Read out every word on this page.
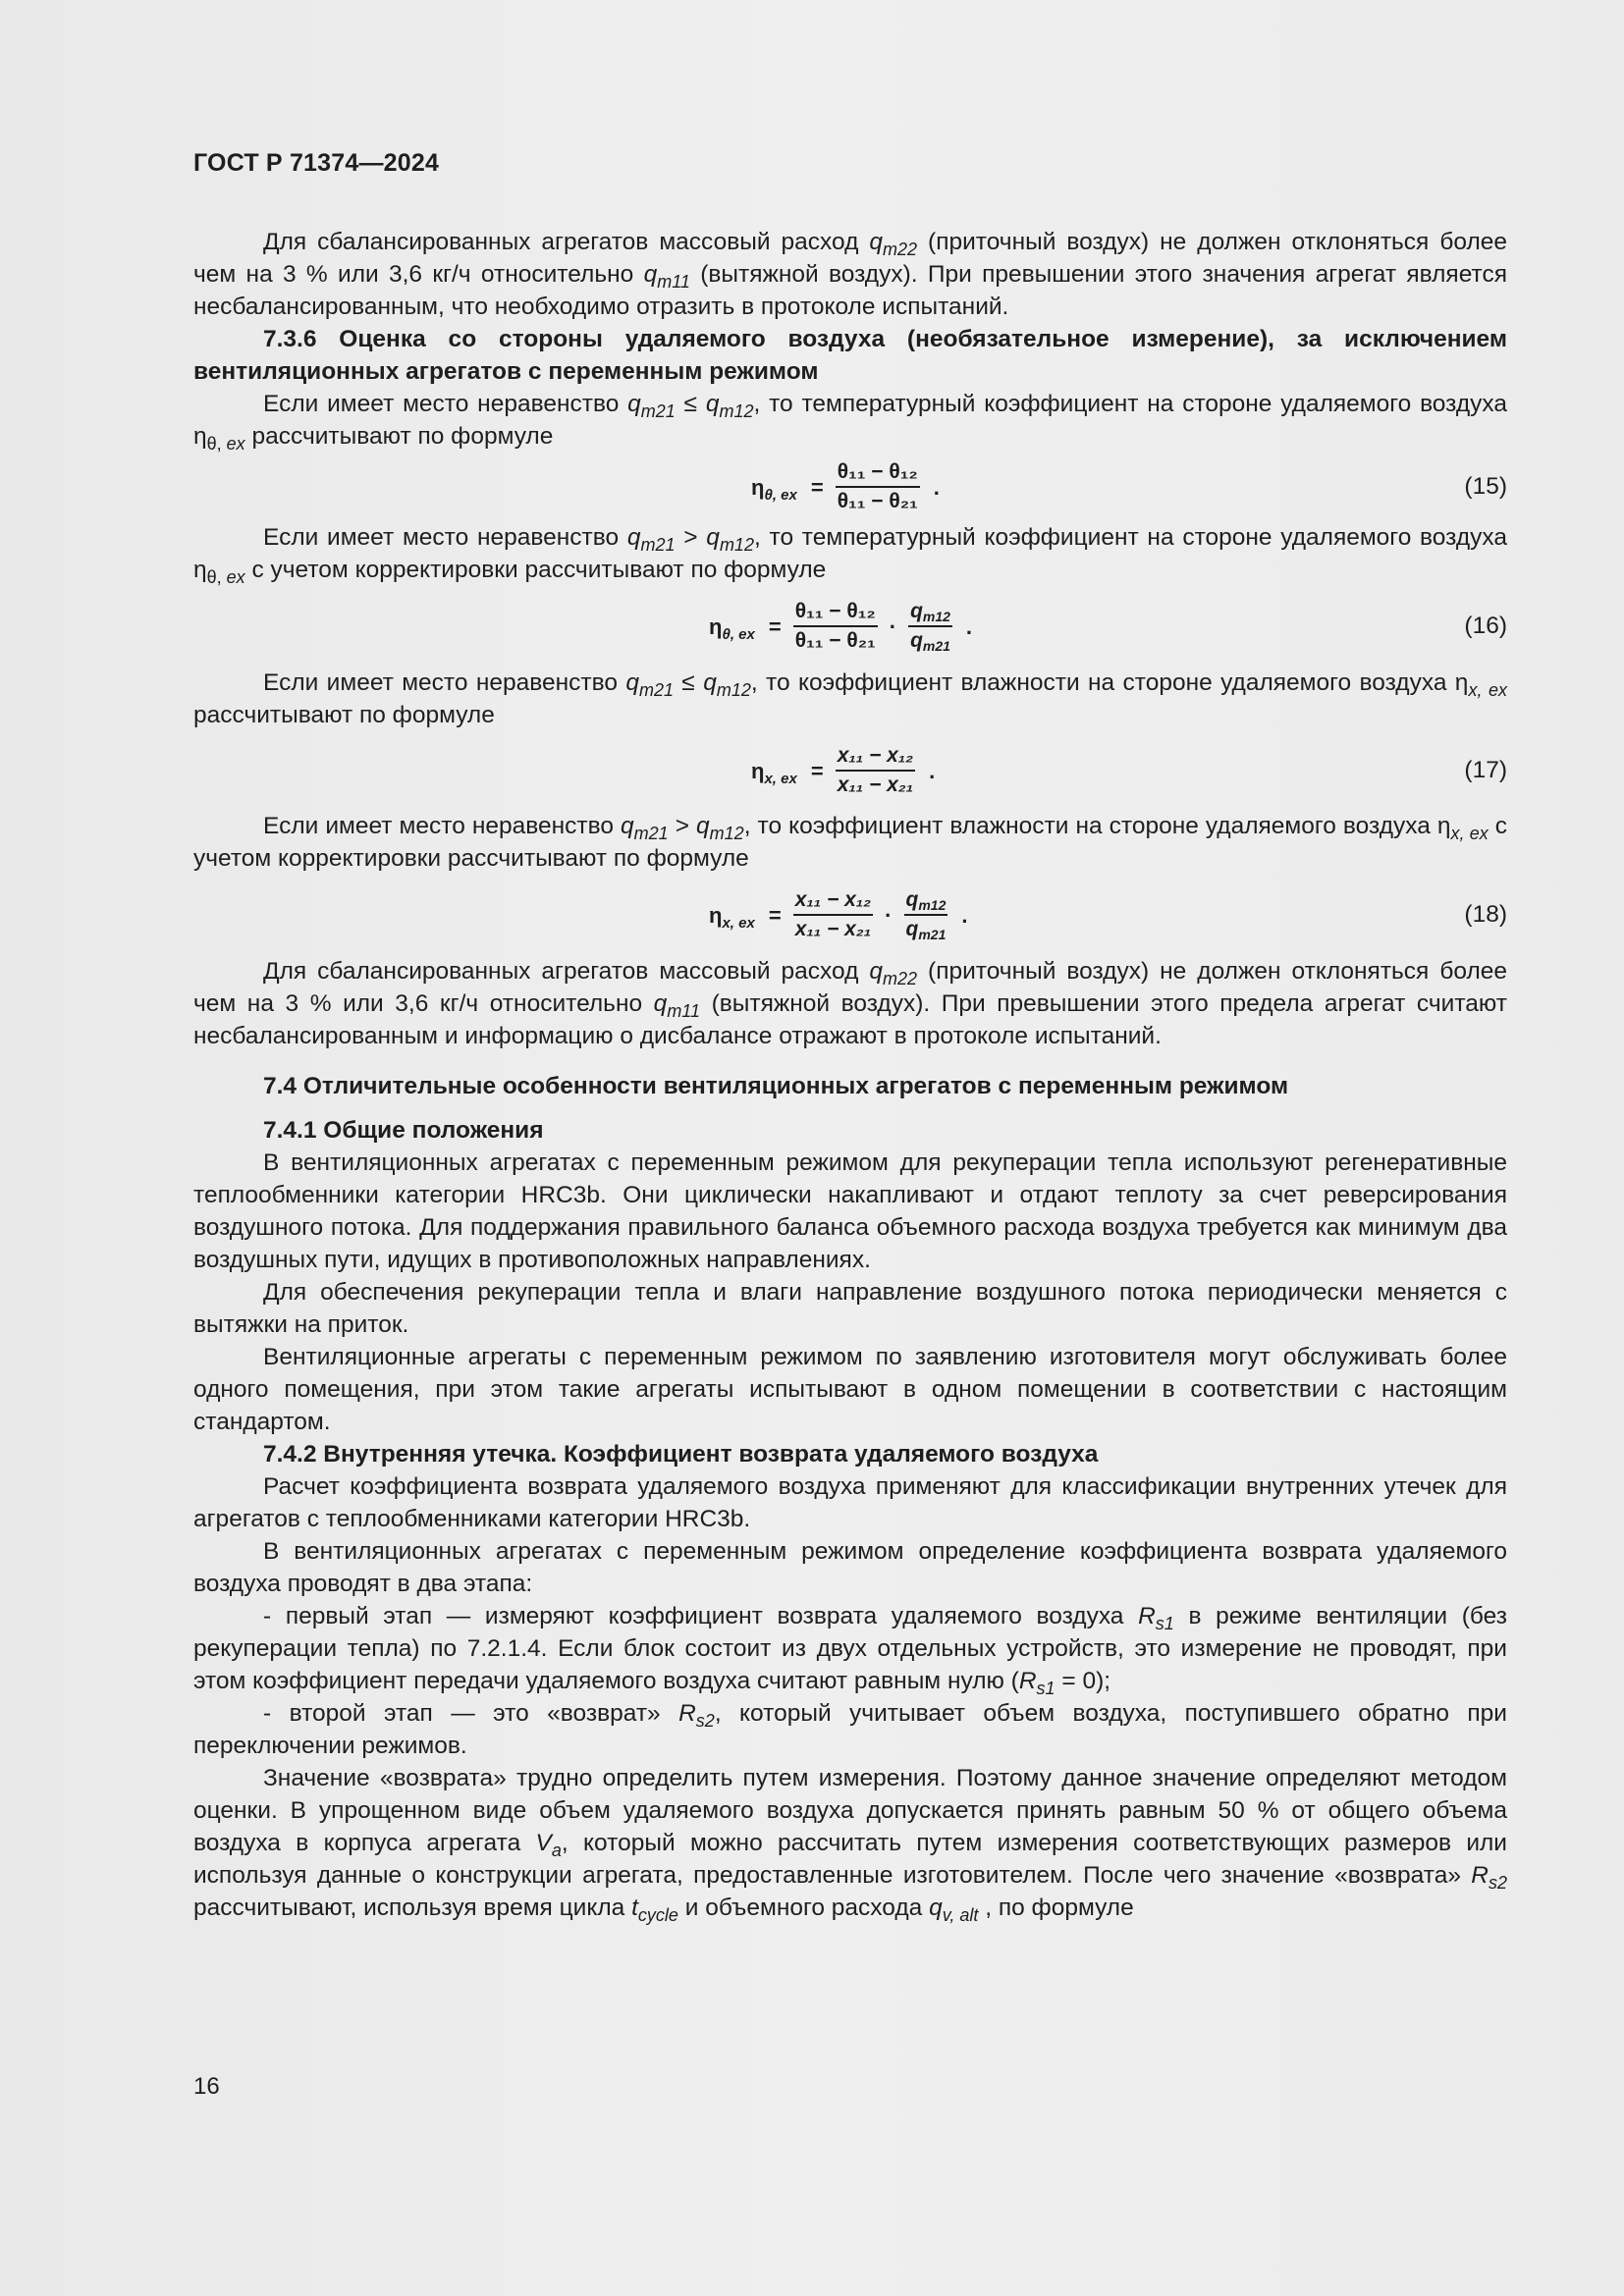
ГОСТ Р 71374—2024

Для сбалансированных агрегатов массовый расход $q_{m22}$ (приточный воздух) не должен отклоняться более чем на 3 % или 3,6 кг/ч относительно $q_{m11}$ (вытяжной воздух). При превышении этого значения агрегат является несбалансированным, что необходимо отразить в протоколе испытаний.

7.3.6 Оценка со стороны удаляемого воздуха (необязательное измерение), за исключением вентиляционных агрегатов с переменным режимом

Если имеет место неравенство $q_{m21} \le q_{m12}$, то температурный коэффициент на стороне удаляемого воздуха $\eta_{\theta,}$ $_{ex}$ рассчитывают по формуле

$\eta_{\theta, ex} = \frac{\text{θ₁₁ − θ₁₂}}{\text{θ₁₁ − θ₂₁}}$ .	(15)

Если имеет место неравенство $q_{m21} > q_{m12}$, то температурный коэффициент на стороне удаляемого воздуха $\eta_{\theta,}$ $_{ex}$ с учетом корректировки рассчитывают по формуле

$\eta_{\theta, ex} = \frac{\text{θ₁₁ − θ₁₂}}{\text{θ₁₁ − θ₂₁}} \cdot \frac{q_{m12}}{q_{m21}}$ .	(16)

Если имеет место неравенство $q_{m21} \le q_{m12}$, то коэффициент влажности на стороне удаляемого воздуха $\eta_{x, ex}$ рассчитывают по формуле

$\eta_{x, ex} = \frac{\text{x₁₁ − x₁₂}}{\text{x₁₁ − x₂₁}}$ .	(17)

Если имеет место неравенство $q_{m21} > q_{m12}$, то коэффициент влажности на стороне удаляемого воздуха $\eta_{x, ex}$ с учетом корректировки рассчитывают по формуле

$\eta_{x, ex} = \frac{\text{x₁₁ − x₁₂}}{\text{x₁₁ − x₂₁}} \cdot \frac{q_{m12}}{q_{m21}}$ .	(18)

Для сбалансированных агрегатов массовый расход $q_{m22}$ (приточный воздух) не должен отклоняться более чем на 3 % или 3,6 кг/ч относительно $q_{m11}$ (вытяжной воздух). При превышении этого предела агрегат считают несбалансированным и информацию о дисбалансе отражают в протоколе испытаний.

7.4 Отличительные особенности вентиляционных агрегатов с переменным режимом

7.4.1 Общие положения

В вентиляционных агрегатах с переменным режимом для рекуперации тепла используют регенеративные теплообменники категории HRC3b. Они циклически накапливают и отдают теплоту за счет реверсирования воздушного потока. Для поддержания правильного баланса объемного расхода воздуха требуется как минимум два воздушных пути, идущих в противоположных направлениях.

Для обеспечения рекуперации тепла и влаги направление воздушного потока периодически меняется с вытяжки на приток.

Вентиляционные агрегаты с переменным режимом по заявлению изготовителя могут обслуживать более одного помещения, при этом такие агрегаты испытывают в одном помещении в соответствии с настоящим стандартом.

7.4.2 Внутренняя утечка. Коэффициент возврата удаляемого воздуха

Расчет коэффициента возврата удаляемого воздуха применяют для классификации внутренних утечек для агрегатов с теплообменниками категории HRC3b.

В вентиляционных агрегатах с переменным режимом определение коэффициента возврата удаляемого воздуха проводят в два этапа:

- первый этап — измеряют коэффициент возврата удаляемого воздуха $R_{s1}$ в режиме вентиляции (без рекуперации тепла) по 7.2.1.4. Если блок состоит из двух отдельных устройств, это измерение не проводят, при этом коэффициент передачи удаляемого воздуха считают равным нулю $(R_{s1} = 0)$;

- второй этап — это «возврат» $R_{s2}$, который учитывает объем воздуха, поступившего обратно при переключении режимов.

Значение «возврата» трудно определить путем измерения. Поэтому данное значение определяют методом оценки. В упрощенном виде объем удаляемого воздуха допускается принять равным 50 % от общего объема воздуха в корпуса агрегата $V_a$, который можно рассчитать путем измерения соответствующих размеров или используя данные о конструкции агрегата, предоставленные изготовителем. После чего значение «возврата» $R_{s2}$ рассчитывают, используя время цикла $t_{cycle}$ и объемного расхода $q_{v, alt}$ , по формуле

16
